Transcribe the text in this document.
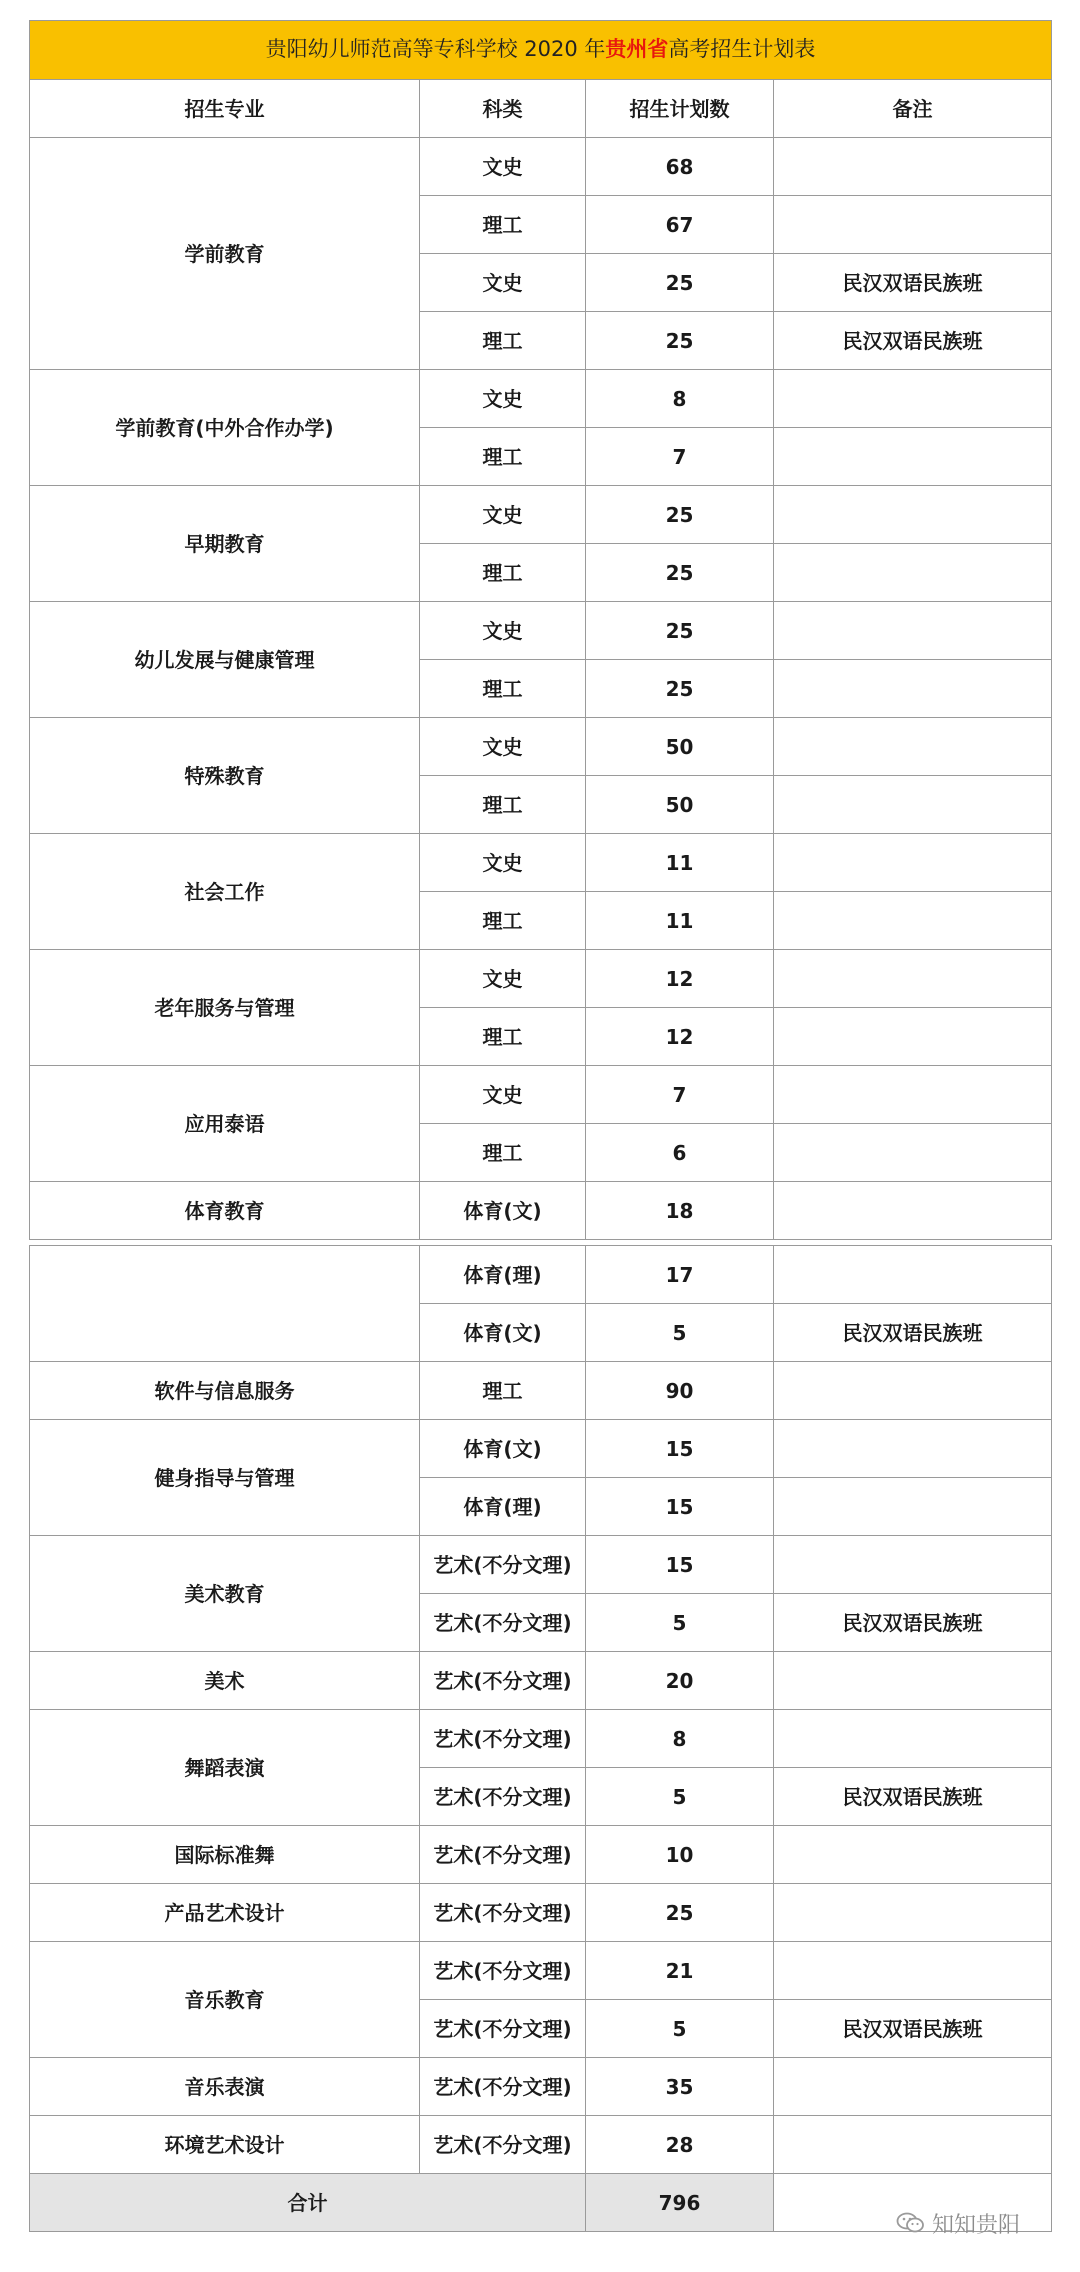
贵阳幼儿师范高等专科学校 2020 年贵州省高考招生计划表			
招生专业	科类	招生计划数	备注
学前教育	文史	68	
	理工	67	
	文史	25	民汉双语民族班
	理工	25	民汉双语民族班
学前教育(中外合作办学)	文史	8	
	理工	7	
早期教育	文史	25	
	理工	25	
幼儿发展与健康管理	文史	25	
	理工	25	
特殊教育	文史	50	
	理工	50	
社会工作	文史	11	
	理工	11	
老年服务与管理	文史	12	
	理工	12	
应用泰语	文史	7	
	理工	6	
体育教育	体育(文)	18	
	体育(理)	17	
	体育(文)	5	民汉双语民族班
软件与信息服务	理工	90	
健身指导与管理	体育(文)	15	
	体育(理)	15	
美术教育	艺术(不分文理)	15	
	艺术(不分文理)	5	民汉双语民族班
美术	艺术(不分文理)	20	
舞蹈表演	艺术(不分文理)	8	
	艺术(不分文理)	5	民汉双语民族班
国际标准舞	艺术(不分文理)	10	
产品艺术设计	艺术(不分文理)	25	
音乐教育	艺术(不分文理)	21	
	艺术(不分文理)	5	民汉双语民族班
音乐表演	艺术(不分文理)	35	
环境艺术设计	艺术(不分文理)	28	
合计		796	
知知贵阳
